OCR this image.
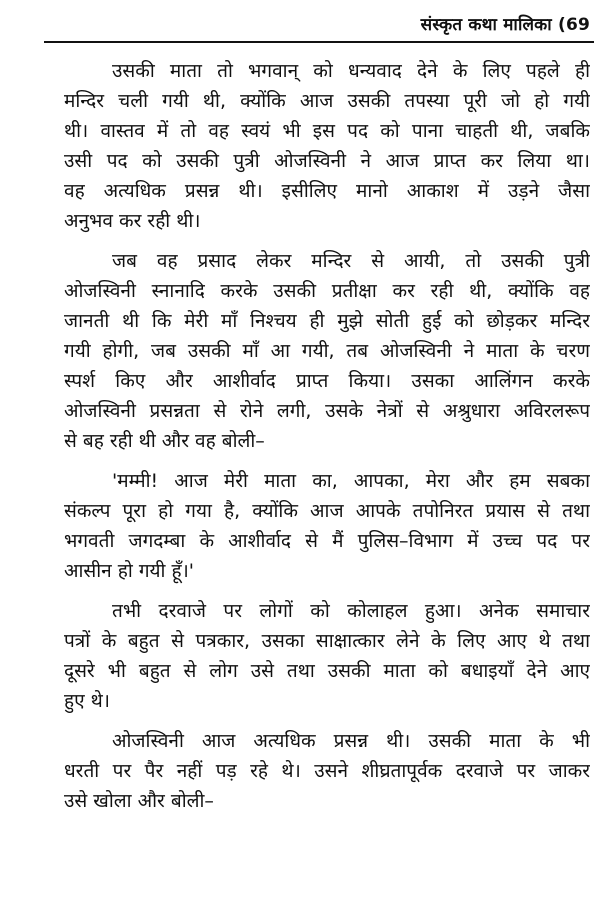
संस्कृत कथा मालिका (69
उसकी माता तो भगवान् को धन्यवाद देने के लिए पहले ही
मन्दिर चली गयी थी, क्योंकि आज उसकी तपस्या पूरी जो हो गयी
थी। वास्तव में तो वह स्वयं भी इस पद को पाना चाहती थी, जबकि
उसी पद को उसकी पुत्री ओजस्विनी ने आज प्राप्त कर लिया था।
वह अत्यधिक प्रसन्न थी। इसीलिए मानो आकाश में उड़ने जैसा
अनुभव कर रही थी।
जब वह प्रसाद लेकर मन्दिर से आयी, तो उसकी पुत्री
ओजस्विनी स्नानादि करके उसकी प्रतीक्षा कर रही थी, क्योंकि वह
जानती थी कि मेरी माँ निश्चय ही मुझे सोती हुई को छोड़कर मन्दिर
गयी होगी, जब उसकी माँ आ गयी, तब ओजस्विनी ने माता के चरण
स्पर्श किए और आशीर्वाद प्राप्त किया। उसका आलिंगन करके
ओजस्विनी प्रसन्नता से रोने लगी, उसके नेत्रों से अश्रुधारा अविरलरूप
से बह रही थी और वह बोली–
'मम्मी! आज मेरी माता का, आपका, मेरा और हम सबका
संकल्प पूरा हो गया है, क्योंकि आज आपके तपोनिरत प्रयास से तथा
भगवती जगदम्बा के आशीर्वाद से मैं पुलिस–विभाग में उच्च पद पर
आसीन हो गयी हूँ।'
तभी दरवाजे पर लोगों को कोलाहल हुआ। अनेक समाचार
पत्रों के बहुत से पत्रकार, उसका साक्षात्कार लेने के लिए आए थे तथा
दूसरे भी बहुत से लोग उसे तथा उसकी माता को बधाइयाँ देने आए
हुए थे।
ओजस्विनी आज अत्यधिक प्रसन्न थी। उसकी माता के भी
धरती पर पैर नहीं पड़ रहे थे। उसने शीघ्रतापूर्वक दरवाजे पर जाकर
उसे खोला और बोली–
